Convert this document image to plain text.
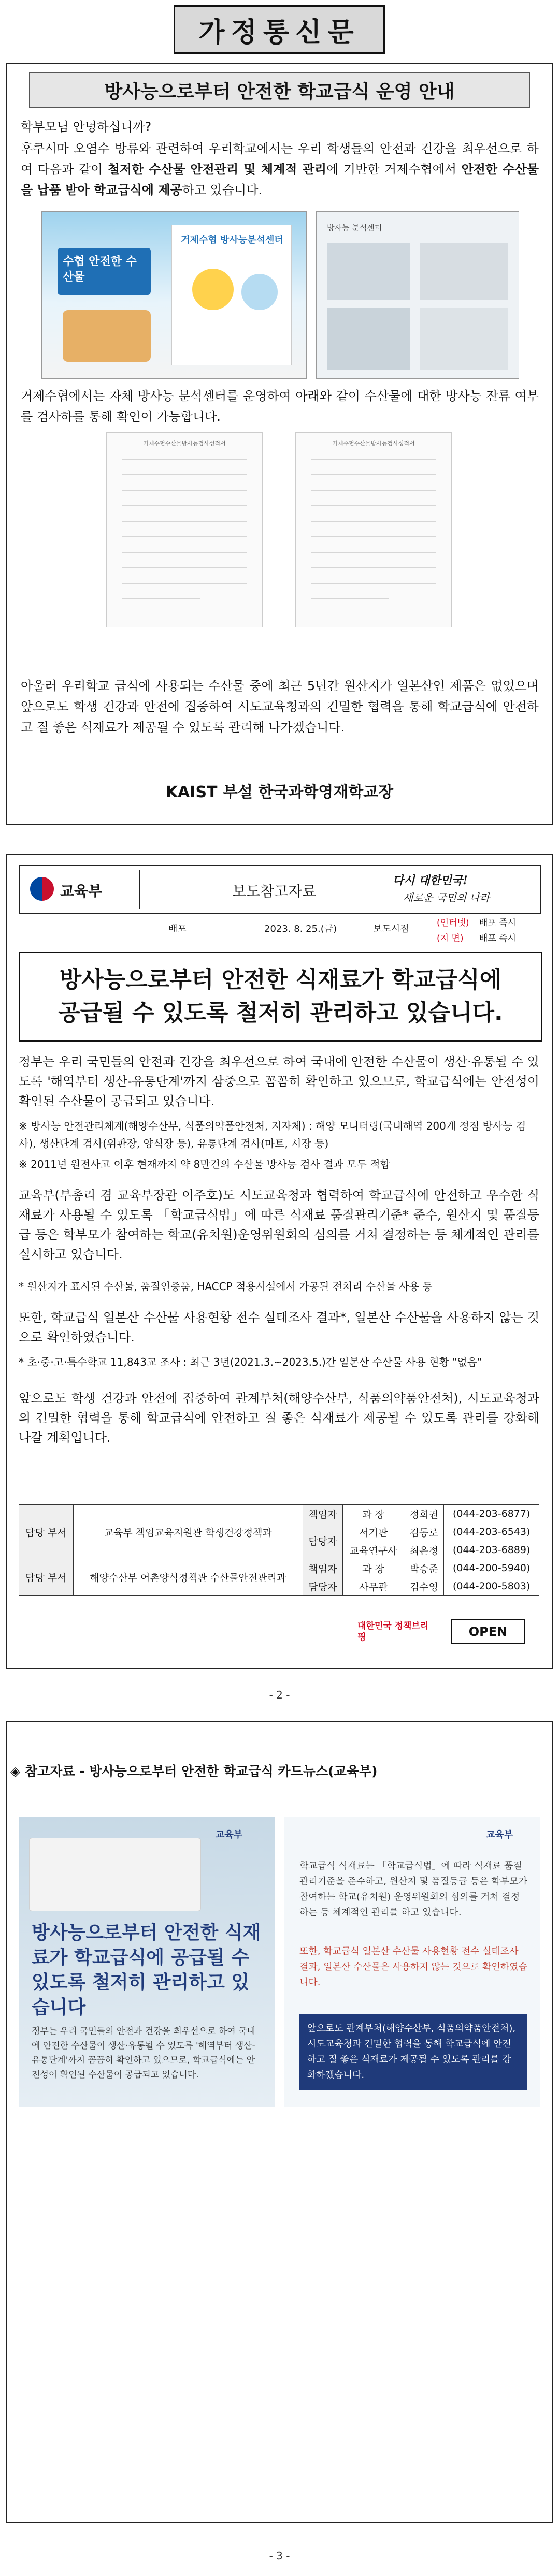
가정통신문
방사능으로부터 안전한 학교급식 운영 안내
학부모님 안녕하십니까?
후쿠시마 오염수 방류와 관련하여 우리학교에서는 우리 학생들의 안전과 건강을 최우선으로 하여 다음과 같이 철저한 수산물 안전관리 및 체계적 관리에 기반한 거제수협에서 안전한 수산물을 납품 받아 학교급식에 제공하고 있습니다.
수협 안전한 수산물
거제수협 방사능분석센터
방사능 분석센터
거제수협에서는 자체 방사능 분석센터를 운영하여 아래와 같이 수산물에 대한 방사능 잔류 여부를 검사하를 통해 확인이 가능합니다.
거제수협수산물방사능검사성적서	거제수협수산물방사능검사성적서
아울러 우리학교 급식에 사용되는 수산물 중에 최근 5년간 원산지가 일본산인 제품은 없었으며 앞으로도 학생 건강과 안전에 집중하여 시도교육청과의 긴밀한 협력을 통해 학교급식에 안전하고 질 좋은 식재료가 제공될 수 있도록 관리해 나가겠습니다.
KAIST 부설 한국과학영재학교장
교육부	보도참고자료
다시 대한민국!
새로운 국민의 나라
배포	2023. 8. 25.(금)	보도시점
(인터넷) 배포 즉시
(지 면) 배포 즉시
방사능으로부터 안전한 식재료가 학교급식에
공급될 수 있도록 철저히 관리하고 있습니다.
정부는 우리 국민들의 안전과 건강을 최우선으로 하여 국내에 안전한 수산물이 생산·유통될 수 있도록 '해역부터 생산-유통단계'까지 삼중으로 꼼꼼히 확인하고 있으므로, 학교급식에는 안전성이 확인된 수산물이 공급되고 있습니다.
※ 방사능 안전관리체계(해양수산부, 식품의약품안전처, 지자체) : 해양 모니터링(국내해역 200개 정점 방사능 검사), 생산단계 검사(위판장, 양식장 등), 유통단계 검사(마트, 시장 등)
※ 2011년 원전사고 이후 현재까지 약 8만건의 수산물 방사능 검사 결과 모두 적합
교육부(부총리 겸 교육부장관 이주호)도 시도교육청과 협력하여 학교급식에 안전하고 우수한 식재료가 사용될 수 있도록 「학교급식법」에 따른 식재료 품질관리기준* 준수, 원산지 및 품질등급 등은 학부모가 참여하는 학교(유치원)운영위원회의 심의를 거쳐 결정하는 등 체계적인 관리를 실시하고 있습니다.
* 원산지가 표시된 수산물, 품질인증품, HACCP 적용시설에서 가공된 전처리 수산물 사용 등
또한, 학교급식 일본산 수산물 사용현황 전수 실태조사 결과*, 일본산 수산물을 사용하지 않는 것으로 확인하였습니다.
* 초·중·고·특수학교 11,843교 조사 : 최근 3년(2021.3.~2023.5.)간 일본산 수산물 사용 현황 "없음"
앞으로도 학생 건강과 안전에 집중하여 관계부처(해양수산부, 식품의약품안전처), 시도교육청과의 긴밀한 협력을 통해 학교급식에 안전하고 질 좋은 식재료가 제공될 수 있도록 관리를 강화해 나갈 계획입니다.
담당 부서	교육부 책임교육지원관 학생건강정책과	책임자	과 장	정희권	(044-203-6877)
		담당자	서기관	김동로	(044-203-6543)
			교육연구사	최은정	(044-203-6889)
담당 부서	해양수산부 어촌양식정책관 수산물안전관리과	책임자	과 장	박승준	(044-200-5940)
		담당자	사무관	김수영	(044-200-5803)
대한민국 정책브리핑	OPEN
- 2 -
◈ 참고자료 - 방사능으로부터 안전한 학교급식 카드뉴스(교육부)
교육부
방사능으로부터 안전한 식재료가 학교급식에 공급될 수 있도록 철저히 관리하고 있습니다
정부는 우리 국민들의 안전과 건강을 최우선으로 하여 국내에 안전한 수산물이 생산·유통될 수 있도록 '해역부터 생산-유통단계'까지 꼼꼼히 확인하고 있으므로, 학교급식에는 안전성이 확인된 수산물이 공급되고 있습니다.
교육부
학교급식 식재료는 「학교급식법」에 따라 식재료 품질관리기준을 준수하고, 원산지 및 품질등급 등은 학부모가 참여하는 학교(유치원) 운영위원회의 심의를 거쳐 결정하는 등 체계적인 관리를 하고 있습니다.
또한, 학교급식 일본산 수산물 사용현황 전수 실태조사 결과, 일본산 수산물은 사용하지 않는 것으로 확인하였습니다.
앞으로도 관계부처(해양수산부, 식품의약품안전처), 시도교육청과 긴밀한 협력을 통해 학교급식에 안전하고 질 좋은 식재료가 제공될 수 있도록 관리를 강화하겠습니다.
- 3 -
